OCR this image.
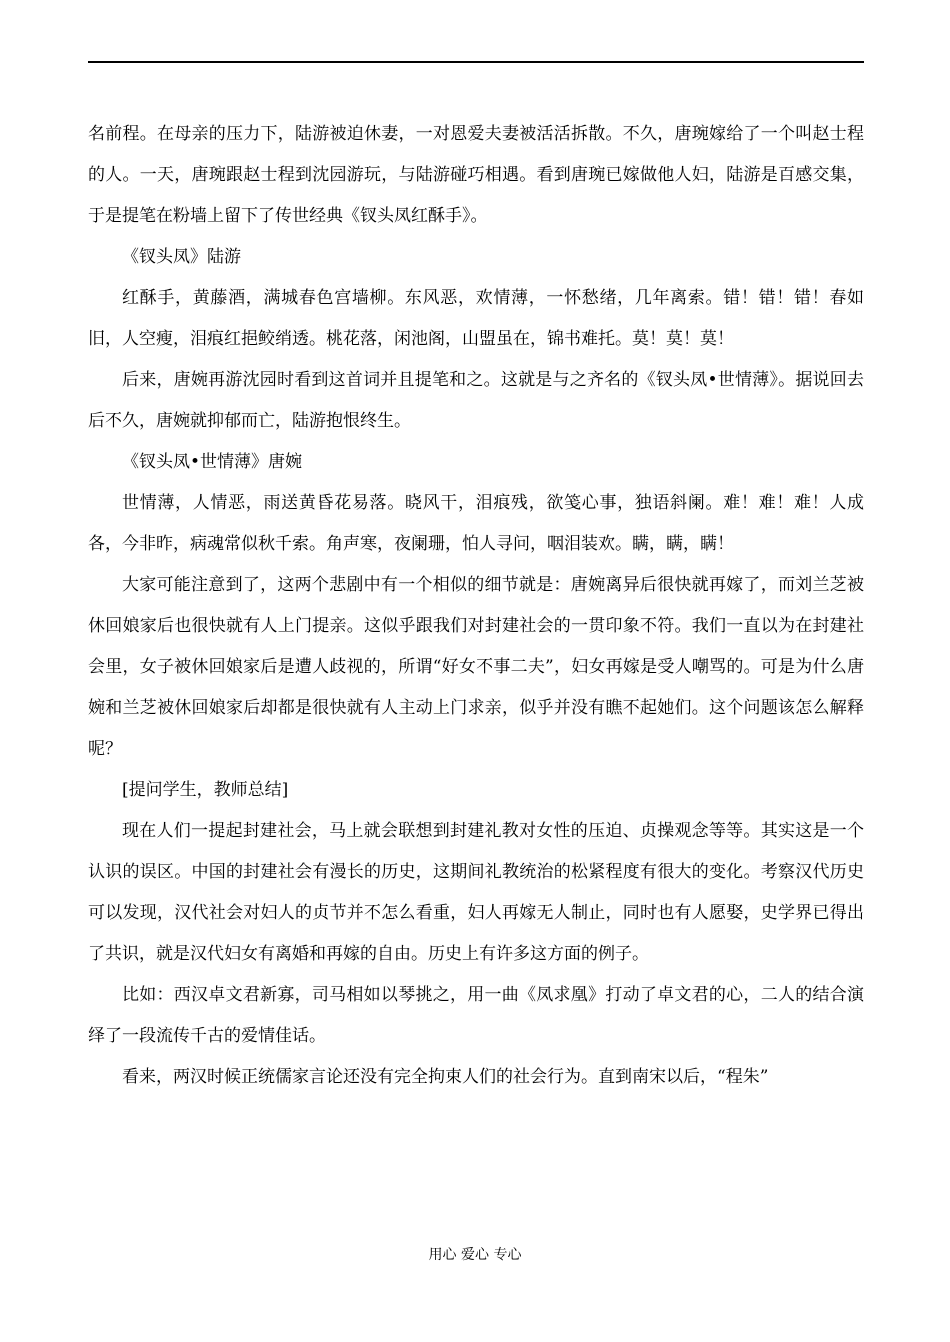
名前程。在母亲的压力下，陆游被迫休妻，一对恩爱夫妻被活活拆散。不久，唐琬嫁给了一个叫赵士程的人。一天，唐琬跟赵士程到沈园游玩，与陆游碰巧相遇。看到唐琬已嫁做他人妇，陆游是百感交集，于是提笔在粉墙上留下了传世经典《钗头凤红酥手》。

《钗头凤》陆游

红酥手，黄藤酒，满城春色宫墙柳。东风恶，欢情薄，一怀愁绪，几年离索。错！错！错！春如旧，人空瘦，泪痕红挹鲛绡透。桃花落，闲池阁，山盟虽在，锦书难托。莫！莫！莫！

后来，唐婉再游沈园时看到这首词并且提笔和之。这就是与之齐名的《钗头凤•世情薄》。据说回去后不久，唐婉就抑郁而亡，陆游抱恨终生。

《钗头凤•世情薄》唐婉

世情薄，人情恶，雨送黄昏花易落。晓风干，泪痕残，欲笺心事，独语斜阑。难！难！难！人成各，今非昨，病魂常似秋千索。角声寒，夜阑珊，怕人寻问，咽泪装欢。瞒，瞒，瞒！

大家可能注意到了，这两个悲剧中有一个相似的细节就是：唐婉离异后很快就再嫁了，而刘兰芝被休回娘家后也很快就有人上门提亲。这似乎跟我们对封建社会的一贯印象不符。我们一直以为在封建社会里，女子被休回娘家后是遭人歧视的，所谓“好女不事二夫”，妇女再嫁是受人嘲骂的。可是为什么唐婉和兰芝被休回娘家后却都是很快就有人主动上门求亲，似乎并没有瞧不起她们。这个问题该怎么解释呢？

[提问学生，教师总结]

现在人们一提起封建社会，马上就会联想到封建礼教对女性的压迫、贞操观念等等。其实这是一个认识的误区。中国的封建社会有漫长的历史，这期间礼教统治的松紧程度有很大的变化。考察汉代历史可以发现，汉代社会对妇人的贞节并不怎么看重，妇人再嫁无人制止，同时也有人愿娶，史学界已得出了共识，就是汉代妇女有离婚和再嫁的自由。历史上有许多这方面的例子。

比如：西汉卓文君新寡，司马相如以琴挑之，用一曲《凤求凰》打动了卓文君的心，二人的结合演绎了一段流传千古的爱情佳话。

看来，两汉时候正统儒家言论还没有完全拘束人们的社会行为。直到南宋以后，“程朱”

用心 爱心 专心
